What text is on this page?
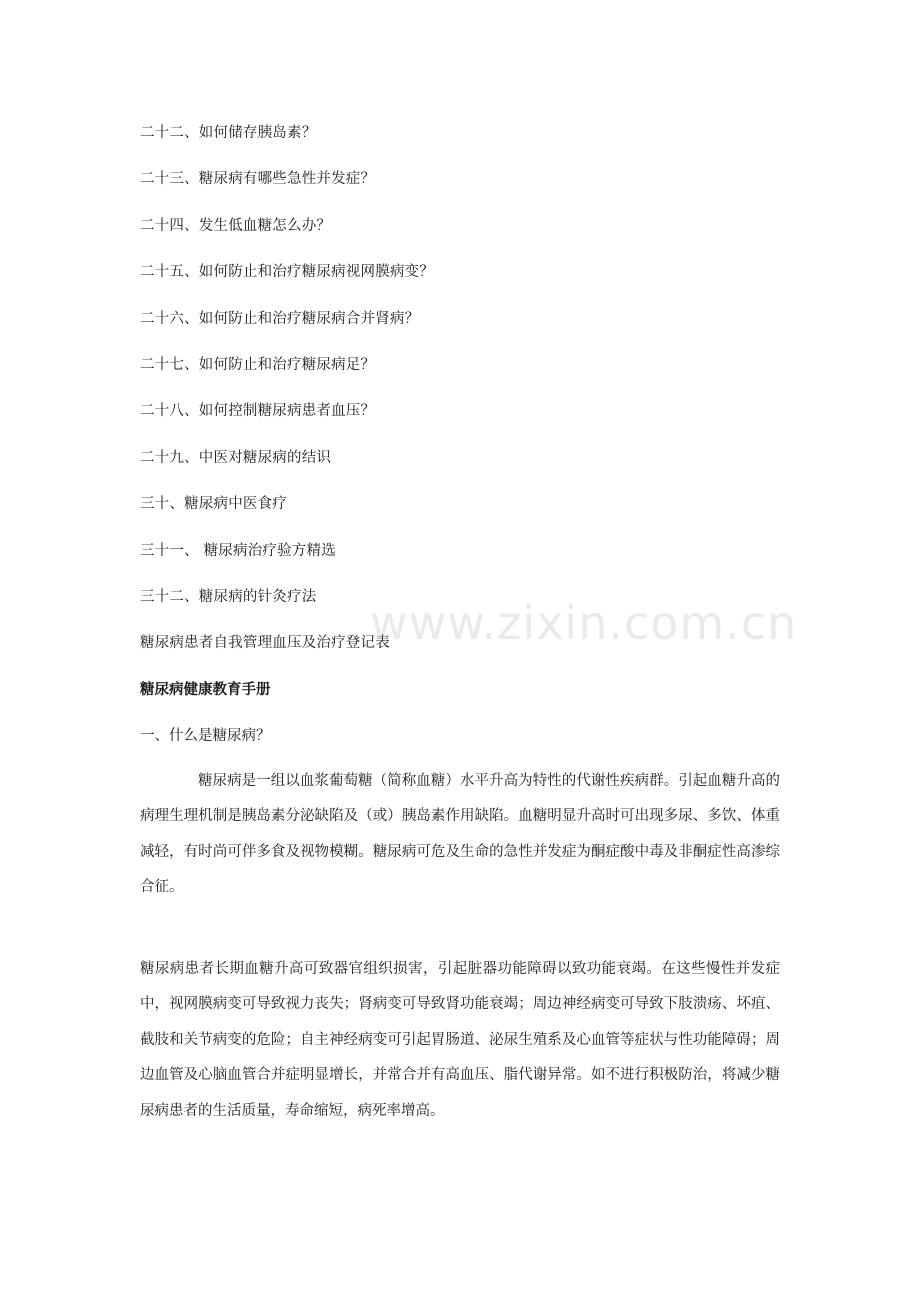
二十二、如何储存胰岛素？
二十三、糖尿病有哪些急性并发症？
二十四、发生低血糖怎么办？
二十五、如何防止和治疗糖尿病视网膜病变？
二十六、如何防止和治疗糖尿病合并肾病？
二十七、如何防止和治疗糖尿病足？
二十八、如何控制糖尿病患者血压？
二十九、中医对糖尿病的结识
三十、糖尿病中医食疗
三十一、 糖尿病治疗验方精选
三十二、糖尿病的针灸疗法
糖尿病患者自我管理血压及治疗登记表
糖尿病健康教育手册
一、什么是糖尿病？

糖尿病是一组以血浆葡萄糖（简称血糖）水平升高为特性的代谢性疾病群。引起血糖升高的病理生理机制是胰岛素分泌缺陷及（或）胰岛素作用缺陷。血糖明显升高时可出现多尿、多饮、体重减轻，有时尚可伴多食及视物模糊。糖尿病可危及生命的急性并发症为酮症酸中毒及非酮症性高渗综合征。

糖尿病患者长期血糖升高可致器官组织损害，引起脏器功能障碍以致功能衰竭。在这些慢性并发症中，视网膜病变可导致视力丧失；肾病变可导致肾功能衰竭；周边神经病变可导致下肢溃疡、坏疽、截肢和关节病变的危险；自主神经病变可引起胃肠道、泌尿生殖系及心血管等症状与性功能障碍；周边血管及心脑血管合并症明显增长，并常合并有高血压、脂代谢异常。如不进行积极防治，将减少糖尿病患者的生活质量，寿命缩短，病死率增高。

www.zixin.com.cn
